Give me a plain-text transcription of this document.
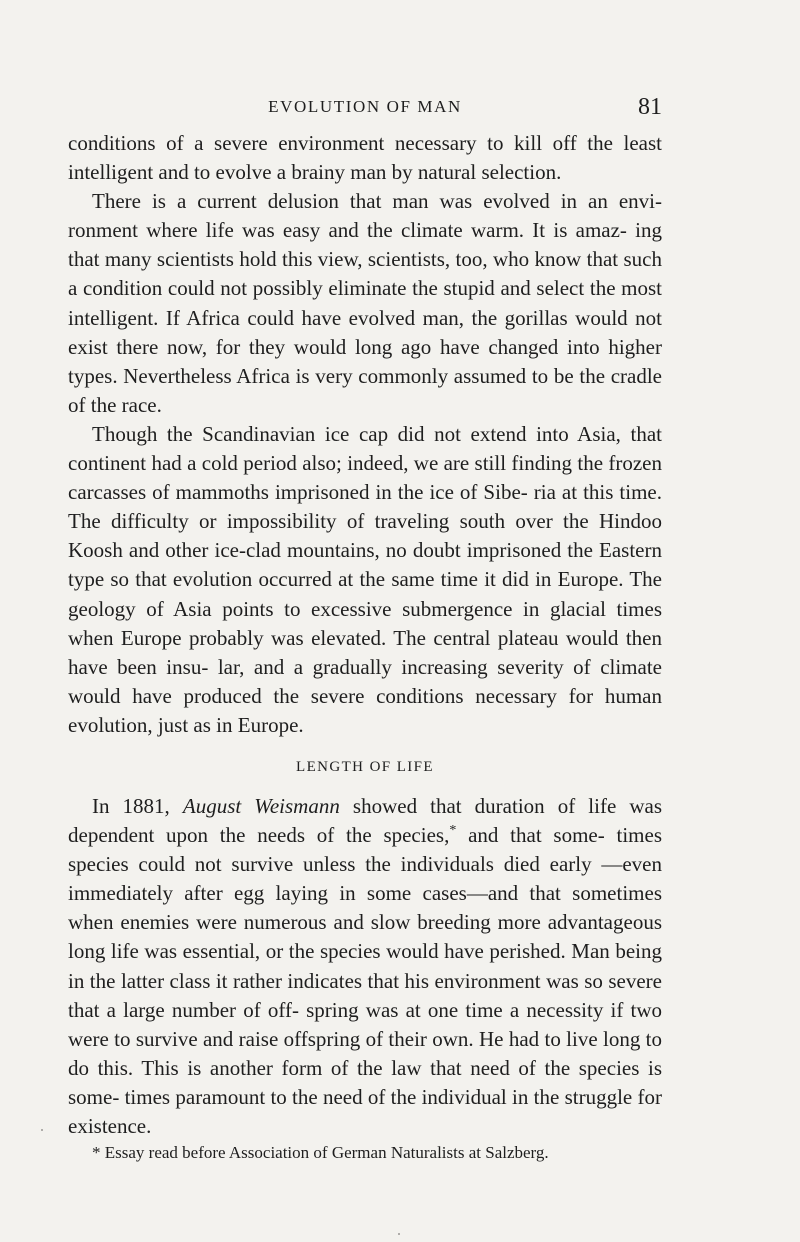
EVOLUTION OF MAN	81

conditions of a severe environment necessary to kill off the least intelligent and to evolve a brainy man by natural selection.

There is a current delusion that man was evolved in an envi- ronment where life was easy and the climate warm. It is amaz- ing that many scientists hold this view, scientists, too, who know that such a condition could not possibly eliminate the stupid and select the most intelligent. If Africa could have evolved man, the gorillas would not exist there now, for they would long ago have changed into higher types. Nevertheless Africa is very commonly assumed to be the cradle of the race.

Though the Scandinavian ice cap did not extend into Asia, that continent had a cold period also; indeed, we are still finding the frozen carcasses of mammoths imprisoned in the ice of Sibe- ria at this time. The difficulty or impossibility of traveling south over the Hindoo Koosh and other ice-clad mountains, no doubt imprisoned the Eastern type so that evolution occurred at the same time it did in Europe. The geology of Asia points to excessive submergence in glacial times when Europe probably was elevated. The central plateau would then have been insu- lar, and a gradually increasing severity of climate would have produced the severe conditions necessary for human evolution, just as in Europe.

LENGTH OF LIFE

In 1881, August Weismann showed that duration of life was dependent upon the needs of the species,* and that some- times species could not survive unless the individuals died early —even immediately after egg laying in some cases—and that sometimes when enemies were numerous and slow breeding more advantageous long life was essential, or the species would have perished. Man being in the latter class it rather indicates that his environment was so severe that a large number of off- spring was at one time a necessity if two were to survive and raise offspring of their own. He had to live long to do this. This is another form of the law that need of the species is some- times paramount to the need of the individual in the struggle for existence.

* Essay read before Association of German Naturalists at Salzberg.
